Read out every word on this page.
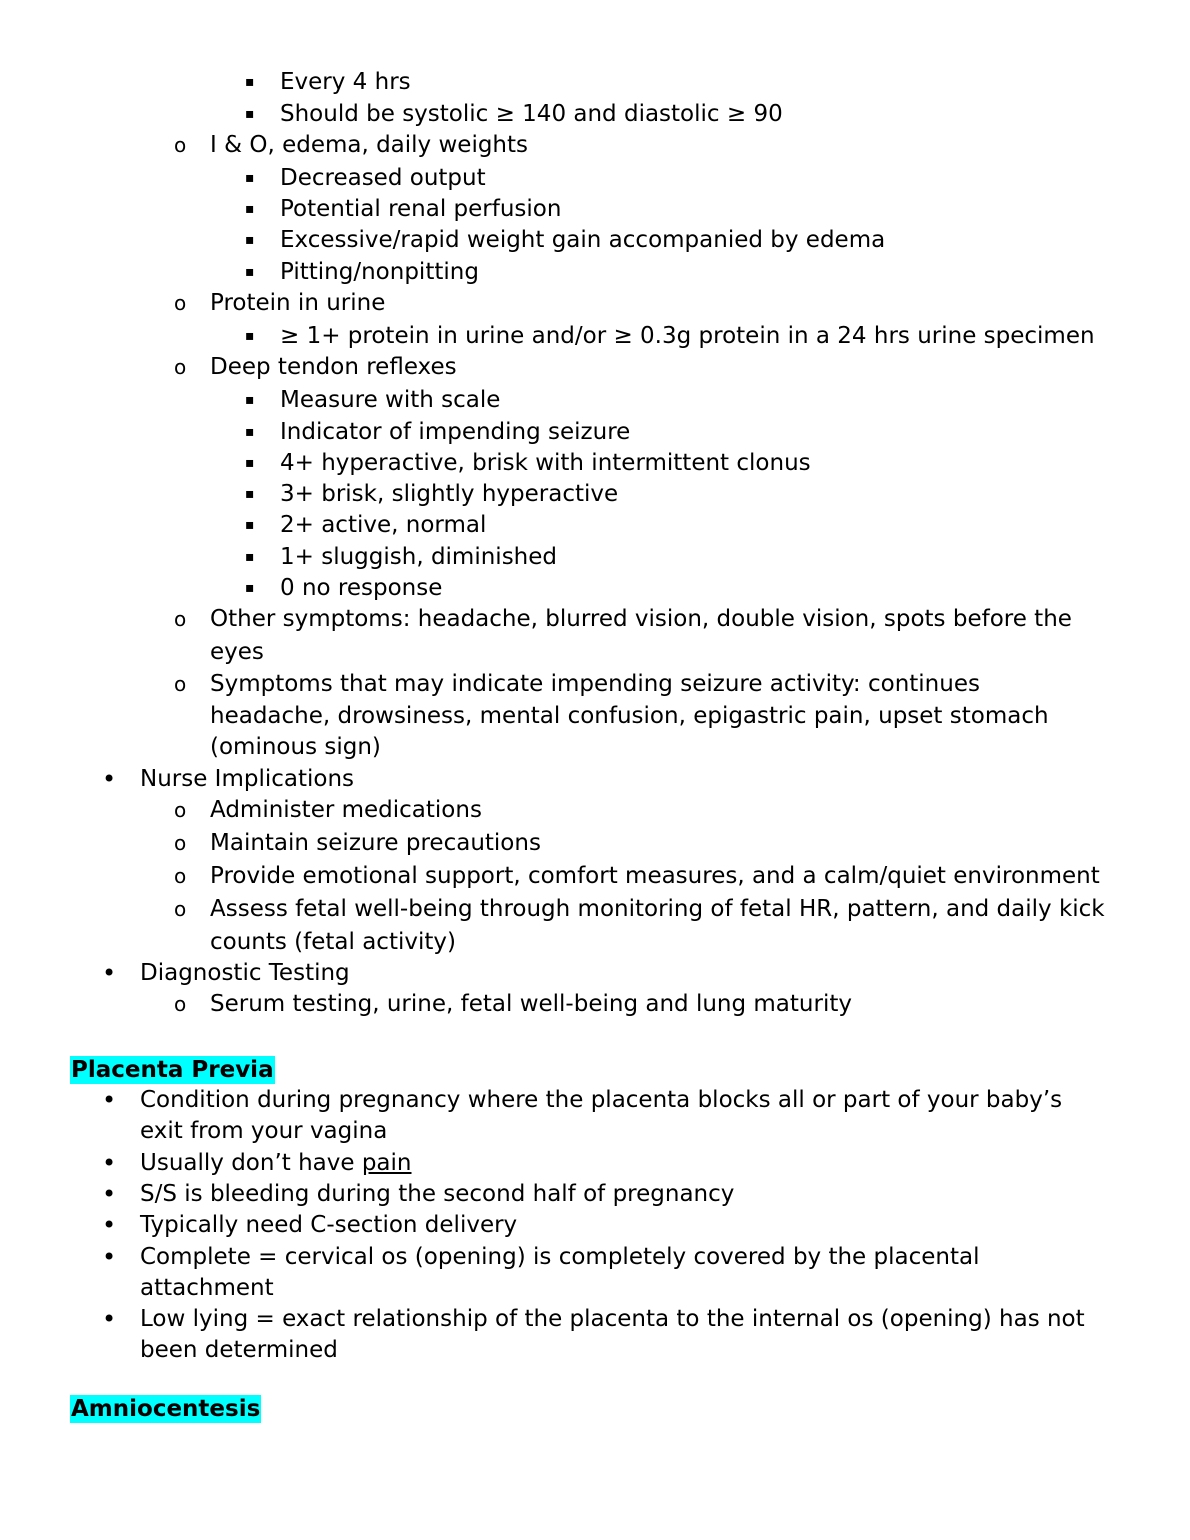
▪ Every 4 hrs
▪ Should be systolic ≥ 140 and diastolic ≥ 90
o I & O, edema, daily weights
▪ Decreased output
▪ Potential renal perfusion
▪ Excessive/rapid weight gain accompanied by edema
▪ Pitting/nonpitting
o Protein in urine
▪ ≥ 1+ protein in urine and/or ≥ 0.3g protein in a 24 hrs urine specimen
o Deep tendon reflexes
▪ Measure with scale
▪ Indicator of impending seizure
▪ 4+ hyperactive, brisk with intermittent clonus
▪ 3+ brisk, slightly hyperactive
▪ 2+ active, normal
▪ 1+ sluggish, diminished
▪ 0 no response
o Other symptoms: headache, blurred vision, double vision, spots before the
eyes
o Symptoms that may indicate impending seizure activity: continues
headache, drowsiness, mental confusion, epigastric pain, upset stomach
(ominous sign)
• Nurse Implications
o Administer medications
o Maintain seizure precautions
o Provide emotional support, comfort measures, and a calm/quiet environment
o Assess fetal well-being through monitoring of fetal HR, pattern, and daily kick
counts (fetal activity)
• Diagnostic Testing
o Serum testing, urine, fetal well-being and lung maturity
Placenta Previa
• Condition during pregnancy where the placenta blocks all or part of your baby’s
exit from your vagina
• Usually don’t have pain
• S/S is bleeding during the second half of pregnancy
• Typically need C-section delivery
• Complete = cervical os (opening) is completely covered by the placental
attachment
• Low lying = exact relationship of the placenta to the internal os (opening) has not
been determined
Amniocentesis
